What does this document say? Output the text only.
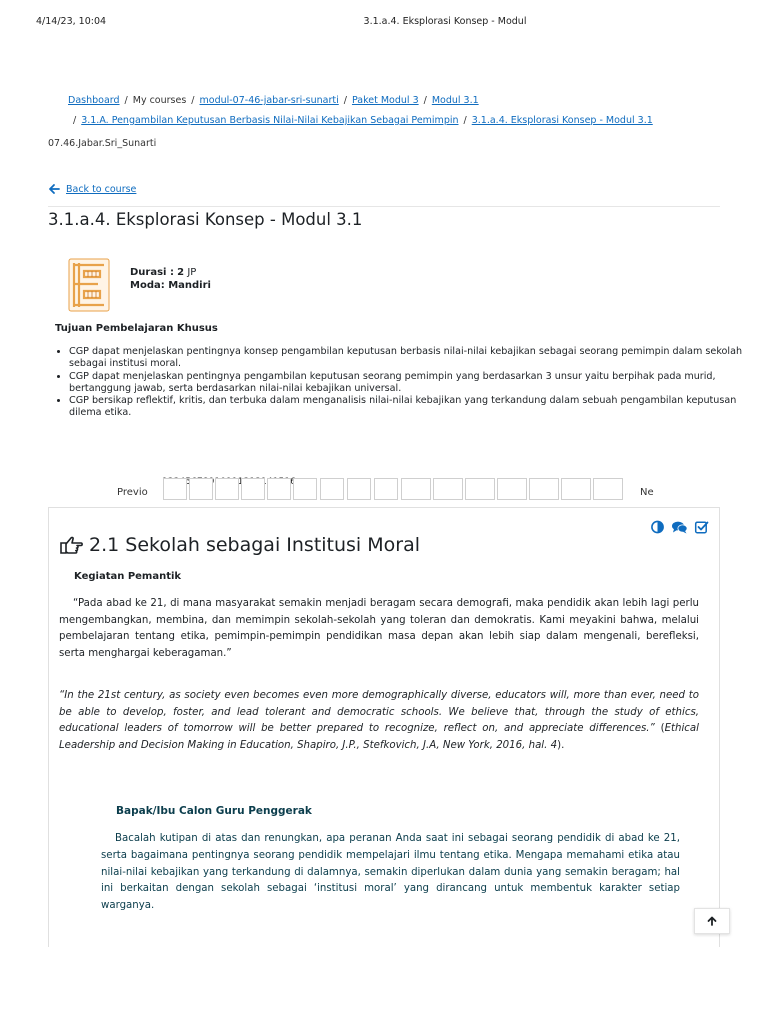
4/14/23, 10:04	3.1.a.4. Eksplorasi Konsep - Modul
Dashboard / My courses / modul-07-46-jabar-sri-sunarti / Paket Modul 3 / Modul 3.1
/ 3.1.A. Pengambilan Keputusan Berbasis Nilai-Nilai Kebajikan Sebagai Pemimpin / 3.1.a.4. Eksplorasi Konsep - Modul 3.1
07.46.Jabar.Sri_Sunarti
Back to course
3.1.a.4. Eksplorasi Konsep - Modul 3.1
Durasi : 2 JP
Moda: Mandiri
Tujuan Pembelajaran Khusus
• CGP dapat menjelaskan pentingnya konsep pengambilan keputusan berbasis nilai-nilai kebajikan sebagai seorang pemimpin dalam sekolah sebagai institusi moral.
• CGP dapat menjelaskan pentingnya pengambilan keputusan seorang pemimpin yang berdasarkan 3 unsur yaitu berpihak pada murid, bertanggung jawab, serta berdasarkan nilai-nilai kebajikan universal.
• CGP bersikap reflektif, kritis, dan terbuka dalam menganalisis nilai-nilai kebajikan yang terkandung dalam sebuah pengambilan keputusan dilema etika.
Previo	Ne
2.1 Sekolah sebagai Institusi Moral
Kegiatan Pemantik

“Pada abad ke 21, di mana masyarakat semakin menjadi beragam secara demografi, maka pendidik akan lebih lagi perlu mengembangkan, membina, dan memimpin sekolah-sekolah yang toleran dan demokratis. Kami meyakini bahwa, melalui pembelajaran tentang etika, pemimpin-pemimpin pendidikan masa depan akan lebih siap dalam mengenali, berefleksi, serta menghargai keberagaman.”

“In the 21st century, as society even becomes even more demographically diverse, educators will, more than ever, need to be able to develop, foster, and lead tolerant and democratic schools. We believe that, through the study of ethics, educational leaders of tomorrow will be better prepared to recognize, reflect on, and appreciate differences.” (Ethical Leadership and Decision Making in Education, Shapiro, J.P., Stefkovich, J.A, New York, 2016, hal. 4).

Bapak/Ibu Calon Guru Penggerak

Bacalah kutipan di atas dan renungkan, apa peranan Anda saat ini sebagai seorang pendidik di abad ke 21, serta bagaimana pentingnya seorang pendidik mempelajari ilmu tentang etika. Mengapa memahami etika atau nilai-nilai kebajikan yang terkandung di dalamnya, semakin diperlukan dalam dunia yang semakin beragam; hal ini berkaitan dengan sekolah sebagai ‘institusi moral’ yang dirancang untuk membentuk karakter setiap warganya.
